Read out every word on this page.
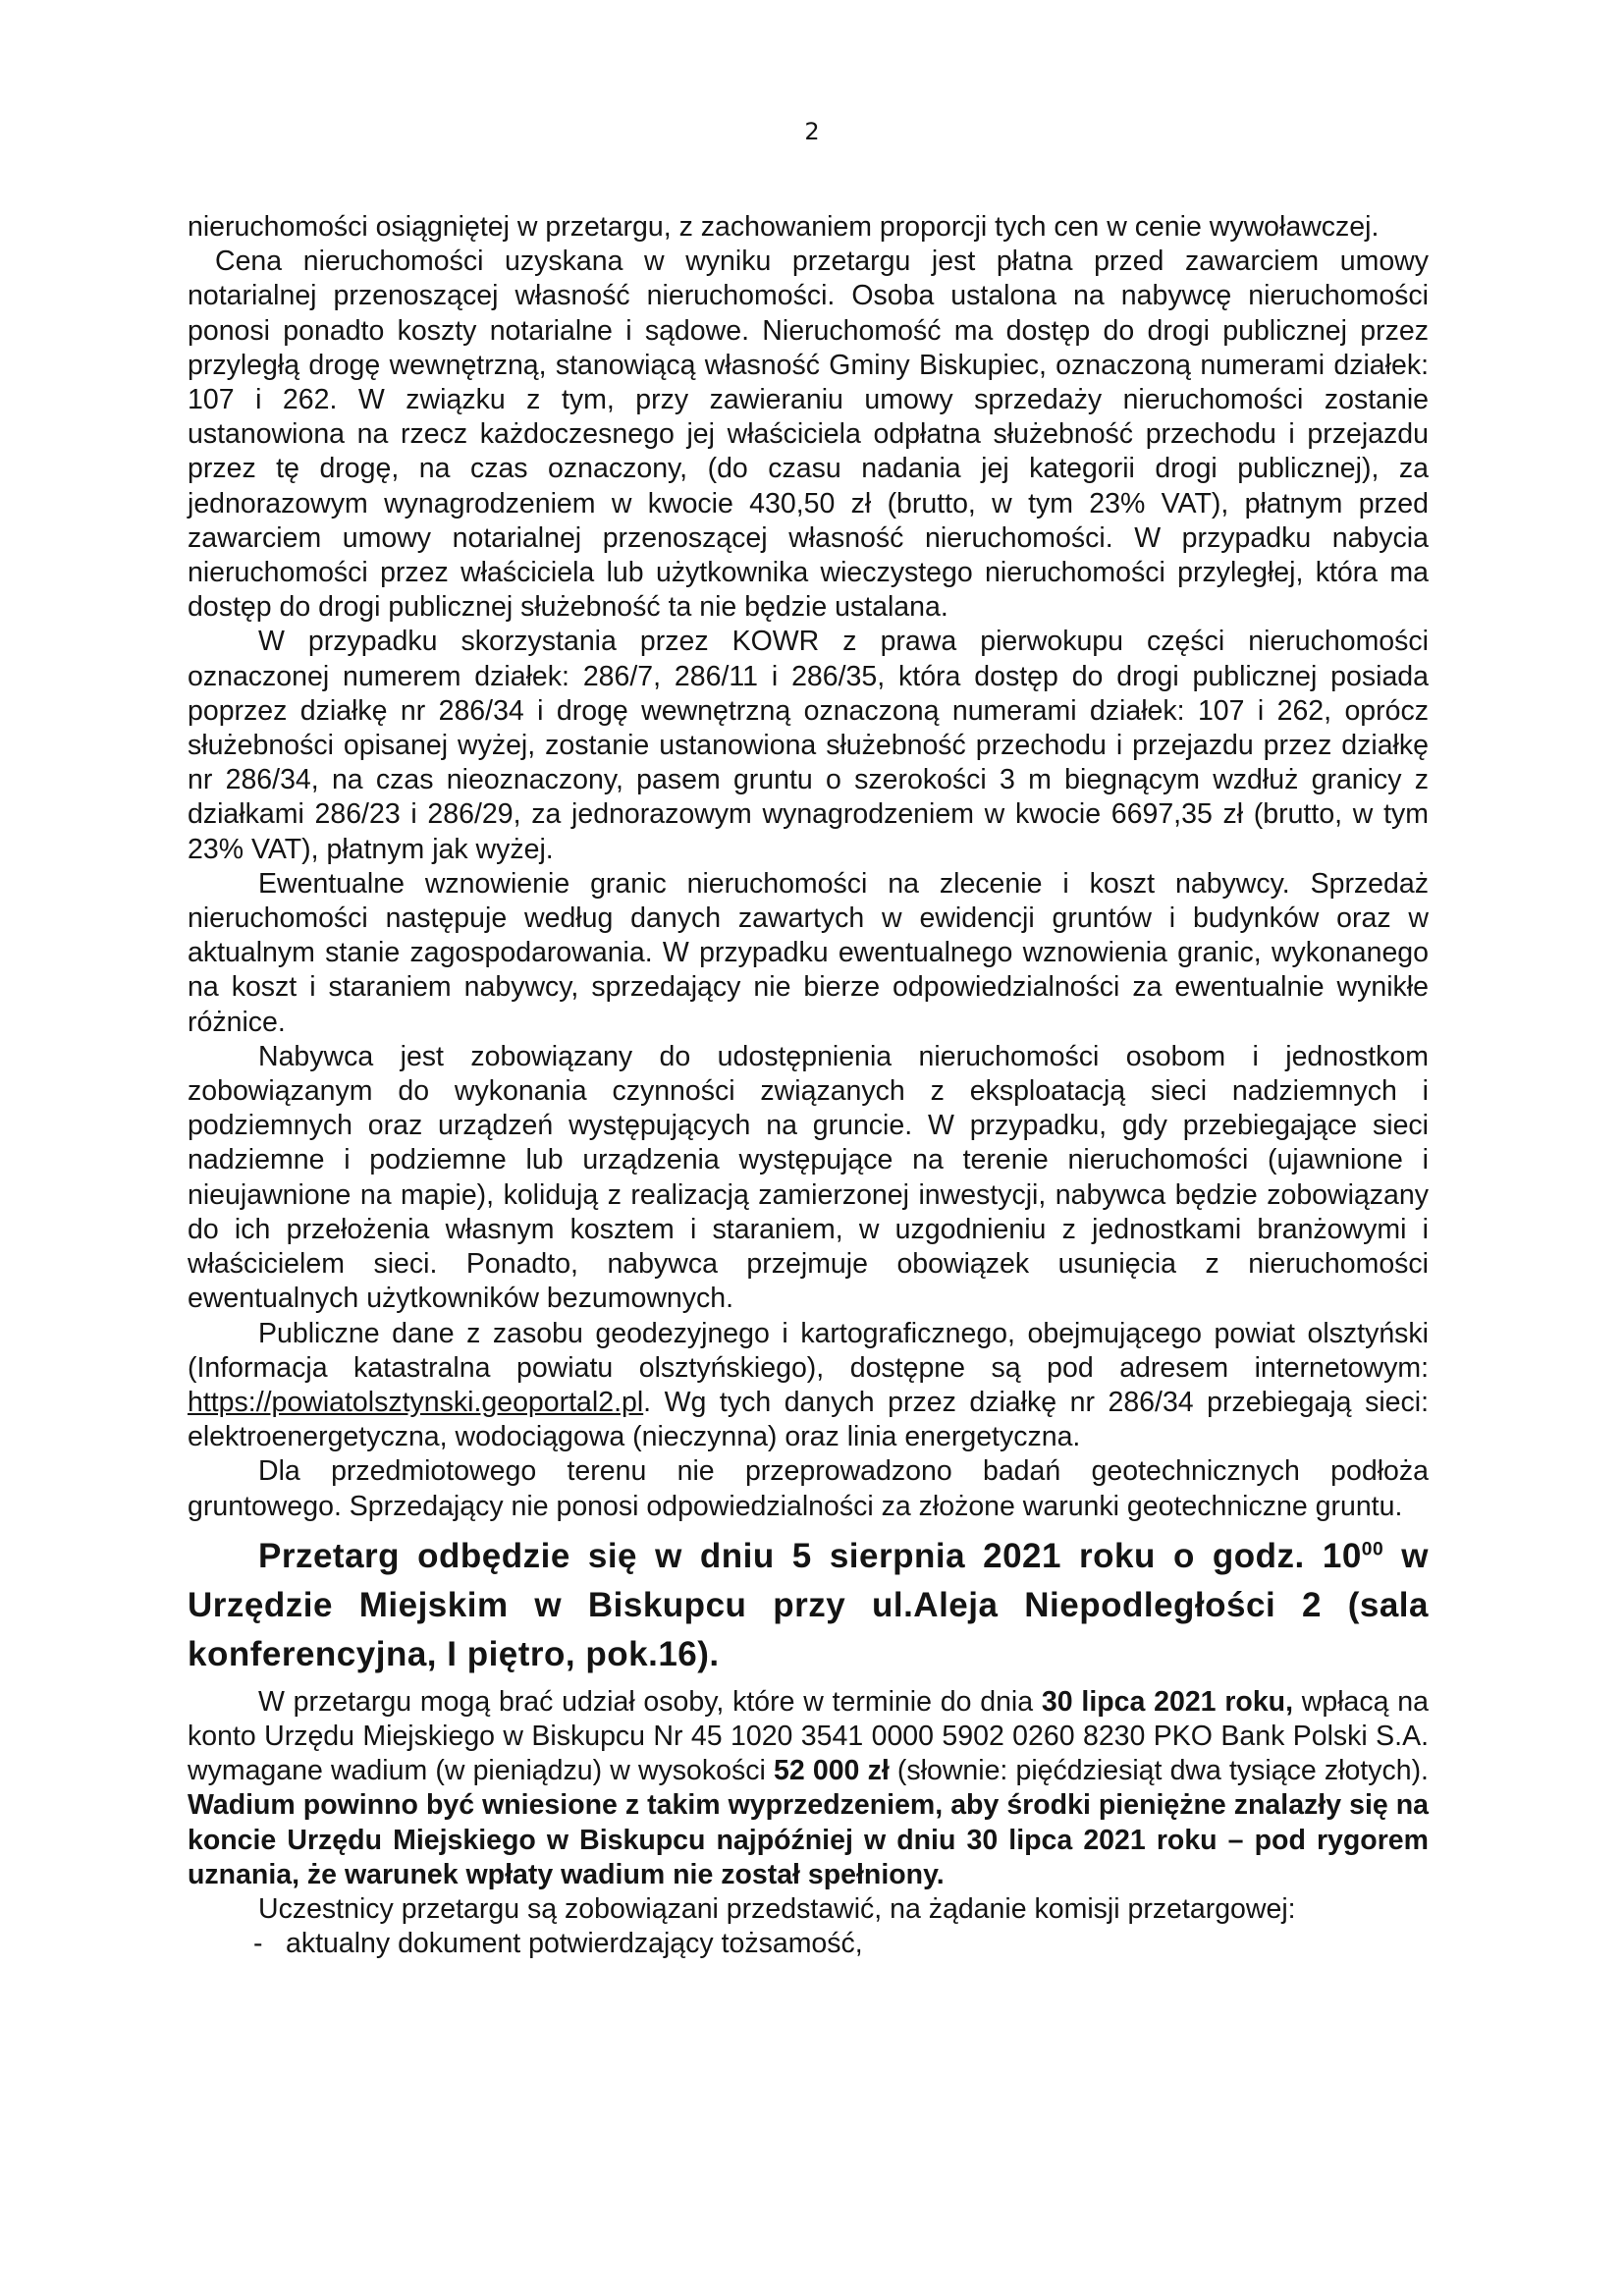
2

nieruchomości osiągniętej w przetargu, z zachowaniem proporcji tych cen w cenie wywoławczej.

Cena nieruchomości uzyskana w wyniku przetargu jest płatna przed zawarciem umowy notarialnej przenoszącej własność nieruchomości. Osoba ustalona na nabywcę nieruchomości ponosi ponadto koszty notarialne i sądowe. Nieruchomość ma dostęp do drogi publicznej przez przyległą drogę wewnętrzną, stanowiącą własność Gminy Biskupiec, oznaczoną numerami działek: 107 i 262. W związku z tym, przy zawieraniu umowy sprzedaży nieruchomości zostanie ustanowiona na rzecz każdoczesnego jej właściciela odpłatna służebność przechodu i przejazdu przez tę drogę, na czas oznaczony, (do czasu nadania jej kategorii drogi publicznej), za jednorazowym wynagrodzeniem w kwocie 430,50 zł (brutto, w tym 23% VAT), płatnym przed zawarciem umowy notarialnej przenoszącej własność nieruchomości. W przypadku nabycia nieruchomości przez właściciela lub użytkownika wieczystego nieruchomości przyległej, która ma dostęp do drogi publicznej służebność ta nie będzie ustalana.

W przypadku skorzystania przez KOWR z prawa pierwokupu części nieruchomości oznaczonej numerem działek: 286/7, 286/11 i 286/35, która dostęp do drogi publicznej posiada poprzez działkę nr 286/34 i drogę wewnętrzną oznaczoną numerami działek: 107 i 262, oprócz służebności opisanej wyżej, zostanie ustanowiona służebność przechodu i przejazdu przez działkę nr 286/34, na czas nieoznaczony, pasem gruntu o szerokości 3 m biegnącym wzdłuż granicy z działkami 286/23 i 286/29, za jednorazowym wynagrodzeniem w kwocie 6697,35 zł (brutto, w tym 23% VAT), płatnym jak wyżej.

Ewentualne wznowienie granic nieruchomości na zlecenie i koszt nabywcy. Sprzedaż nieruchomości następuje według danych zawartych w ewidencji gruntów i budynków oraz w aktualnym stanie zagospodarowania. W przypadku ewentualnego wznowienia granic, wykonanego na koszt i staraniem nabywcy, sprzedający nie bierze odpowiedzialności za ewentualnie wynikłe różnice.

Nabywca jest zobowiązany do udostępnienia nieruchomości osobom i jednostkom zobowiązanym do wykonania czynności związanych z eksploatacją sieci nadziemnych i podziemnych oraz urządzeń występujących na gruncie. W przypadku, gdy przebiegające sieci nadziemne i podziemne lub urządzenia występujące na terenie nieruchomości (ujawnione i nieujawnione na mapie), kolidują z realizacją zamierzonej inwestycji, nabywca będzie zobowiązany do ich przełożenia własnym kosztem i staraniem, w uzgodnieniu z jednostkami branżowymi i właścicielem sieci. Ponadto, nabywca przejmuje obowiązek usunięcia z nieruchomości ewentualnych użytkowników bezumownych.

Publiczne dane z zasobu geodezyjnego i kartograficznego, obejmującego powiat olsztyński (Informacja katastralna powiatu olsztyńskiego), dostępne są pod adresem internetowym: https://powiatolsztynski.geoportal2.pl. Wg tych danych przez działkę nr 286/34 przebiegają sieci: elektroenergetyczna, wodociągowa (nieczynna) oraz linia energetyczna.

Dla przedmiotowego terenu nie przeprowadzono badań geotechnicznych podłoża gruntowego. Sprzedający nie ponosi odpowiedzialności za złożone warunki geotechniczne gruntu.

Przetarg odbędzie się w dniu 5 sierpnia 2021 roku o godz. $10^{00}$ w Urzędzie Miejskim w Biskupcu przy ul.Aleja Niepodległości 2 (sala konferencyjna, I piętro, pok.16).

W przetargu mogą brać udział osoby, które w terminie do dnia 30 lipca 2021 roku, wpłacą na konto Urzędu Miejskiego w Biskupcu Nr 45 1020 3541 0000 5902 0260 8230 PKO Bank Polski S.A. wymagane wadium (w pieniądzu) w wysokości 52 000 zł (słownie: pięćdziesiąt dwa tysiące złotych). Wadium powinno być wniesione z takim wyprzedzeniem, aby środki pieniężne znalazły się na koncie Urzędu Miejskiego w Biskupcu najpóźniej w dniu 30 lipca 2021 roku – pod rygorem uznania, że warunek wpłaty wadium nie został spełniony.

Uczestnicy przetargu są zobowiązani przedstawić, na żądanie komisji przetargowej:

- aktualny dokument potwierdzający tożsamość,
